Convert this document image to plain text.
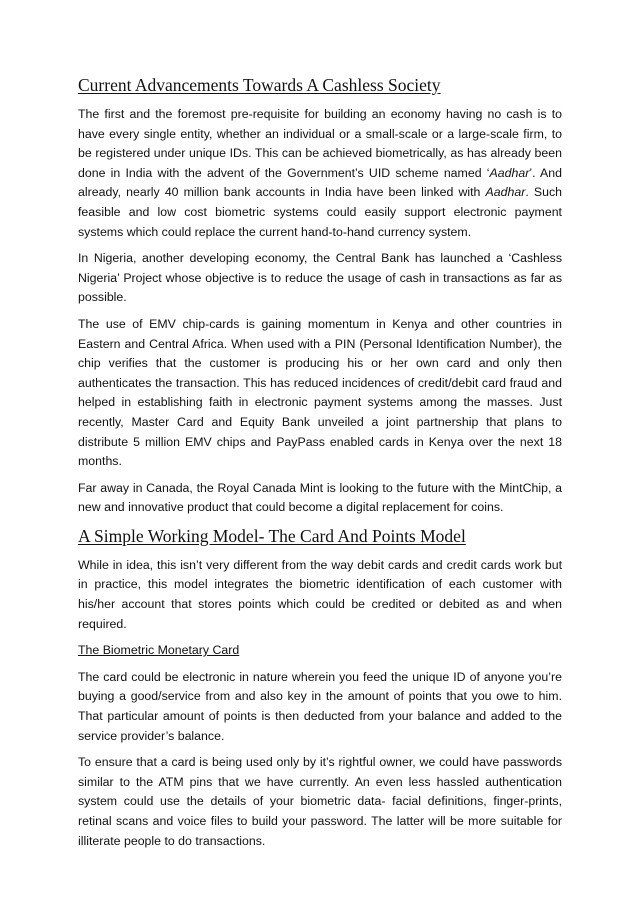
Current Advancements Towards A Cashless Society

The first and the foremost pre-requisite for building an economy having no cash is to have every single entity, whether an individual or a small-scale or a large-scale firm, to be registered under unique IDs. This can be achieved biometrically, as has already been done in India with the advent of the Government’s UID scheme named ‘Aadhar’. And already, nearly 40 million bank accounts in India have been linked with Aadhar. Such feasible and low cost biometric systems could easily support electronic payment systems which could replace the current hand-to-hand currency system.

In Nigeria, another developing economy, the Central Bank has launched a ‘Cashless Nigeria’ Project whose objective is to reduce the usage of cash in transactions as far as possible.

The use of EMV chip-cards is gaining momentum in Kenya and other countries in Eastern and Central Africa. When used with a PIN (Personal Identification Number), the chip verifies that the customer is producing his or her own card and only then authenticates the transaction. This has reduced incidences of credit/debit card fraud and helped in establishing faith in electronic payment systems among the masses. Just recently, Master Card and Equity Bank unveiled a joint partnership that plans to distribute 5 million EMV chips and PayPass enabled cards in Kenya over the next 18 months.

Far away in Canada, the Royal Canada Mint is looking to the future with the MintChip, a new and innovative product that could become a digital replacement for coins.

A Simple Working Model- The Card And Points Model

While in idea, this isn’t very different from the way debit cards and credit cards work but in practice, this model integrates the biometric identification of each customer with his/her account that stores points which could be credited or debited as and when required.

The Biometric Monetary Card

The card could be electronic in nature wherein you feed the unique ID of anyone you’re buying a good/service from and also key in the amount of points that you owe to him. That particular amount of points is then deducted from your balance and added to the service provider’s balance.

To ensure that a card is being used only by it’s rightful owner, we could have passwords similar to the ATM pins that we have currently. An even less hassled authentication system could use the details of your biometric data- facial definitions, finger-prints, retinal scans and voice files to build your password. The latter will be more suitable for illiterate people to do transactions.
